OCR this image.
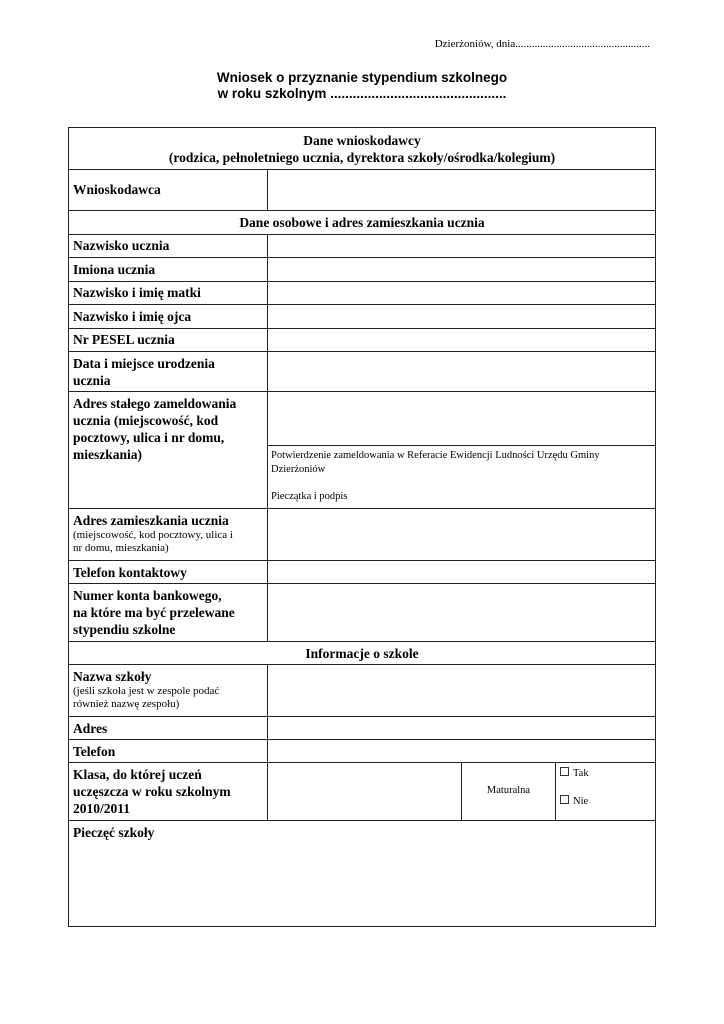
Dzierżoniów, dnia.................................................
Wniosek o przyznanie stypendium szkolnego
w roku szkolnym ...............................................
Dane wnioskodawcy
(rodzica, pełnoletniego ucznia, dyrektora szkoły/ośrodka/kolegium)
Wnioskodawca
Dane osobowe i adres zamieszkania ucznia
Nazwisko ucznia
Imiona ucznia
Nazwisko i imię matki
Nazwisko i imię ojca
Nr PESEL ucznia
Data i miejsce urodzenia ucznia
Adres stałego zameldowania ucznia (miejscowość, kod pocztowy, ulica i nr domu, mieszkania)	Potwierdzenie zameldowania w Referacie Ewidencji Ludności Urzędu Gminy Dzierżoniów
Pieczątka i podpis
Adres zamieszkania ucznia
(miejscowość, kod pocztowy, ulica i nr domu, mieszkania)
Telefon kontaktowy
Numer konta bankowego,
na które ma być przelewane
stypendiu szkolne
Informacje o szkole
Nazwa szkoły
(jeśli szkoła jest w zespole podać również nazwę zespołu)
Adres
Telefon
Klasa, do której uczeń uczęszcza w roku szkolnym 2010/2011
Maturalna
Tak
Nie
Pieczęć szkoły
